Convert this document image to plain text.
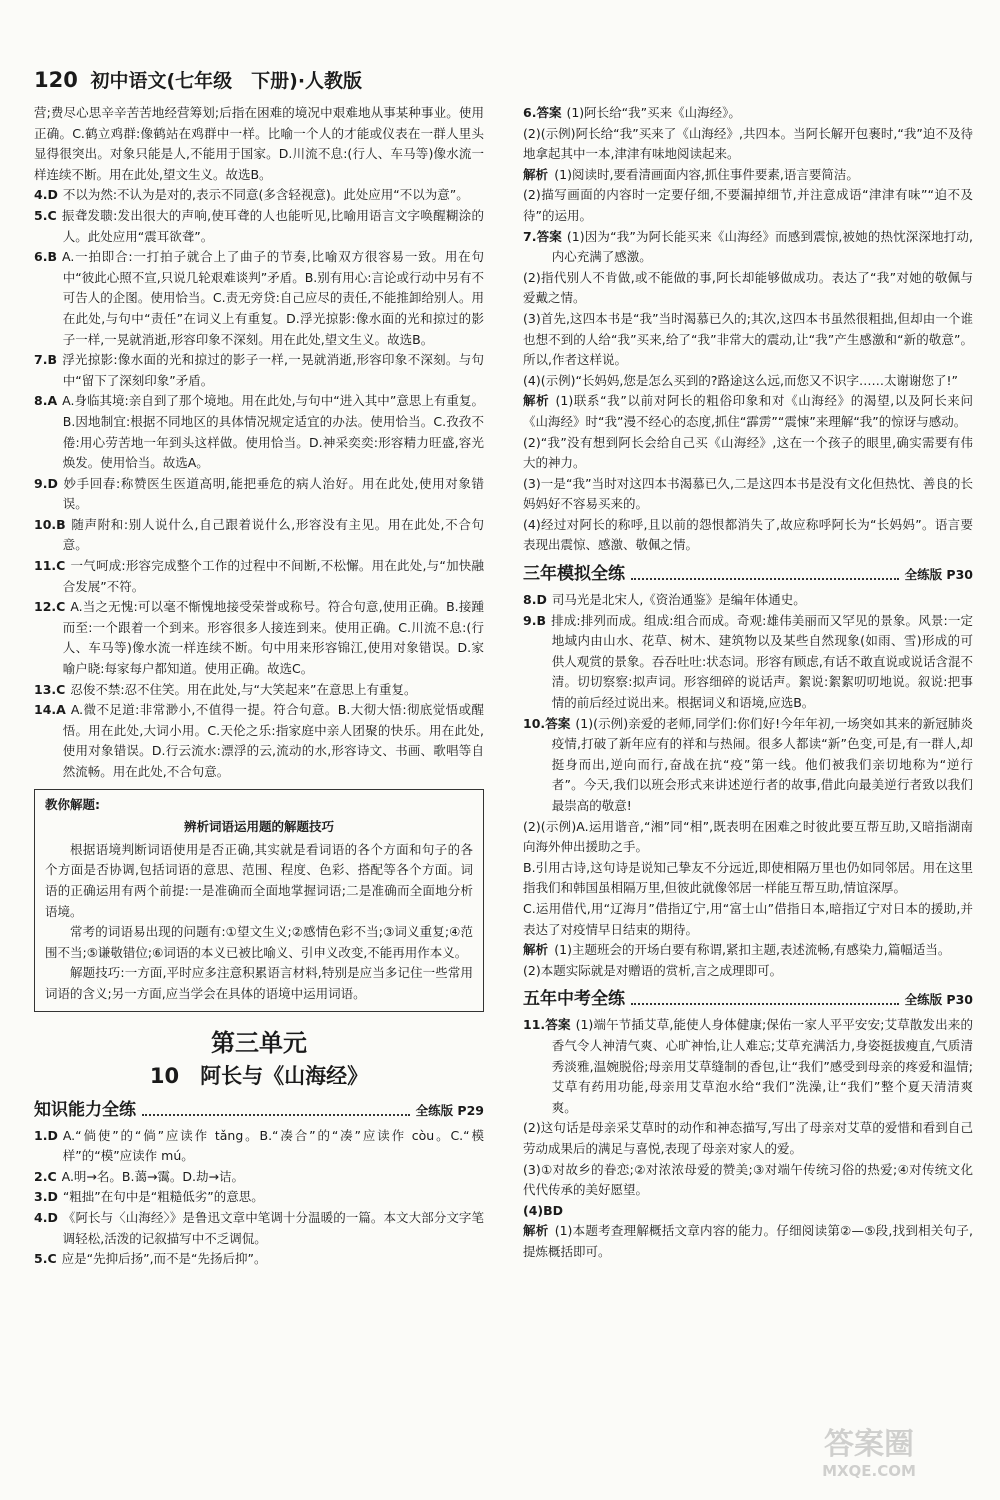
120 初中语文(七年级　下册)·人教版

营;费尽心思辛辛苦苦地经营筹划;后指在困难的境况中艰难地从事某种事业。使用正确。C.鹤立鸡群:像鹤站在鸡群中一样。比喻一个人的才能或仪表在一群人里头显得很突出。对象只能是人,不能用于国家。D.川流不息:(行人、车马等)像水流一样连续不断。用在此处,望文生义。故选B。

4.D 不以为然:不认为是对的,表示不同意(多含轻视意)。此处应用“不以为意”。

5.C 振聋发聩:发出很大的声响,使耳聋的人也能听见,比喻用语言文字唤醒糊涂的人。此处应用“震耳欲聋”。

6.B A.一拍即合:一打拍子就合上了曲子的节奏,比喻双方很容易一致。用在句中“彼此心照不宣,只说几轮艰难谈判”矛盾。B.别有用心:言论或行动中另有不可告人的企图。使用恰当。C.责无旁贷:自己应尽的责任,不能推卸给别人。用在此处,与句中“责任”在词义上有重复。D.浮光掠影:像水面的光和掠过的影子一样,一晃就消逝,形容印象不深刻。用在此处,望文生义。故选B。

7.B 浮光掠影:像水面的光和掠过的影子一样,一晃就消逝,形容印象不深刻。与句中“留下了深刻印象”矛盾。

8.A A.身临其境:亲自到了那个境地。用在此处,与句中“进入其中”意思上有重复。B.因地制宜:根据不同地区的具体情况规定适宜的办法。使用恰当。C.孜孜不倦:用心劳苦地一年到头这样做。使用恰当。D.神采奕奕:形容精力旺盛,容光焕发。使用恰当。故选A。

9.D 妙手回春:称赞医生医道高明,能把垂危的病人治好。用在此处,使用对象错误。

10.B 随声附和:别人说什么,自己跟着说什么,形容没有主见。用在此处,不合句意。

11.C 一气呵成:形容完成整个工作的过程中不间断,不松懈。用在此处,与“加快融合发展”不符。

12.C A.当之无愧:可以毫不惭愧地接受荣誉或称号。符合句意,使用正确。B.接踵而至:一个跟着一个到来。形容很多人接连到来。使用正确。C.川流不息:(行人、车马等)像水流一样连续不断。句中用来形容锦江,使用对象错误。D.家喻户晓:每家每户都知道。使用正确。故选C。

13.C 忍俊不禁:忍不住笑。用在此处,与“大笑起来”在意思上有重复。

14.A A.微不足道:非常渺小,不值得一提。符合句意。B.大彻大悟:彻底觉悟或醒悟。用在此处,大词小用。C.天伦之乐:指家庭中亲人团聚的快乐。用在此处,使用对象错误。D.行云流水:漂浮的云,流动的水,形容诗文、书画、歌唱等自然流畅。用在此处,不合句意。

教你解题:
辨析词语运用题的解题技巧

根据语境判断词语使用是否正确,其实就是看词语的各个方面和句子的各个方面是否协调,包括词语的意思、范围、程度、色彩、搭配等各个方面。词语的正确运用有两个前提:一是准确而全面地掌握词语;二是准确而全面地分析语境。

常考的词语易出现的问题有:①望文生义;②感情色彩不当;③词义重复;④范围不当;⑤谦敬错位;⑥词语的本义已被比喻义、引申义改变,不能再用作本义。

解题技巧:一方面,平时应多注意积累语言材料,特别是应当多记住一些常用词语的含义;另一方面,应当学会在具体的语境中运用词语。

第三单元
10　阿长与《山海经》
知识能力全练	全练版 P29

1.D A.“倘使”的“倘”应读作 tǎng。B.“凑合”的“凑”应读作 còu。C.“模样”的“模”应读作 mú。

2.C A.明→名。B.蔼→霭。D.劫→诘。

3.D “粗拙”在句中是“粗糙低劣”的意思。

4.D 《阿长与〈山海经〉》是鲁迅文章中笔调十分温暖的一篇。本文大部分文字笔调轻松,活泼的记叙描写中不乏调侃。

5.C 应是“先抑后扬”,而不是“先扬后抑”。

6.答案 (1)阿长给“我”买来《山海经》。

(2)(示例)阿长给“我”买来了《山海经》,共四本。当阿长解开包裹时,“我”迫不及待地拿起其中一本,津津有味地阅读起来。

解析 (1)阅读时,要看清画面内容,抓住事件要素,语言要简洁。

(2)描写画面的内容时一定要仔细,不要漏掉细节,并注意成语“津津有味”“迫不及待”的运用。

7.答案 (1)因为“我”为阿长能买来《山海经》而感到震惊,被她的热忱深深地打动,内心充满了感激。

(2)指代别人不肯做,或不能做的事,阿长却能够做成功。表达了“我”对她的敬佩与爱戴之情。

(3)首先,这四本书是“我”当时渴慕已久的;其次,这四本书虽然很粗拙,但却由一个谁也想不到的人给“我”买来,给了“我”非常大的震动,让“我”产生感激和“新的敬意”。所以,作者这样说。

(4)(示例)“长妈妈,您是怎么买到的?路途这么远,而您又不识字……太谢谢您了!”

解析 (1)联系“我”以前对阿长的粗俗印象和对《山海经》的渴望,以及阿长来问《山海经》时“我”漫不经心的态度,抓住“霹雳”“震悚”来理解“我”的惊讶与感动。

(2)“我”没有想到阿长会给自己买《山海经》,这在一个孩子的眼里,确实需要有伟大的神力。

(3)一是“我”当时对这四本书渴慕已久,二是这四本书是没有文化但热忱、善良的长妈妈好不容易买来的。

(4)经过对阿长的称呼,且以前的怨恨都消失了,故应称呼阿长为“长妈妈”。语言要表现出震惊、感激、敬佩之情。

三年模拟全练	全练版 P30

8.D 司马光是北宋人,《资治通鉴》是编年体通史。

9.B 排成:排列而成。组成:组合而成。奇观:雄伟美丽而又罕见的景象。风景:一定地域内由山水、花草、树木、建筑物以及某些自然现象(如雨、雪)形成的可供人观赏的景象。吞吞吐吐:状态词。形容有顾虑,有话不敢直说或说话含混不清。切切察察:拟声词。形容细碎的说话声。絮说:絮絮叨叨地说。叙说:把事情的前后经过说出来。根据词义和语境,应选B。

10.答案 (1)(示例)亲爱的老师,同学们:你们好!今年年初,一场突如其来的新冠肺炎疫情,打破了新年应有的祥和与热闹。很多人都读“新”色变,可是,有一群人,却挺身而出,逆向而行,奋战在抗“疫”第一线。他们被我们亲切地称为“逆行者”。今天,我们以班会形式来讲述逆行者的故事,借此向最美逆行者致以我们最崇高的敬意!

(2)(示例)A.运用谐音,“湘”同“相”,既表明在困难之时彼此要互帮互助,又暗指湖南向海外伸出援助之手。

B.引用古诗,这句诗是说知己挚友不分远近,即使相隔万里也仍如同邻居。用在这里指我们和韩国虽相隔万里,但彼此就像邻居一样能互帮互助,情谊深厚。

C.运用借代,用“辽海月”借指辽宁,用“富士山”借指日本,暗指辽宁对日本的援助,并表达了对疫情早日结束的期待。

解析 (1)主题班会的开场白要有称谓,紧扣主题,表述流畅,有感染力,篇幅适当。

(2)本题实际就是对赠语的赏析,言之成理即可。

五年中考全练	全练版 P30

11.答案 (1)端午节插艾草,能使人身体健康;保佑一家人平平安安;艾草散发出来的香气令人神清气爽、心旷神怡,让人难忘;艾草充满活力,身姿挺拔瘦直,气质清秀淡雅,温婉脱俗;母亲用艾草缝制的香包,让“我们”感受到母亲的疼爱和温情;艾草有药用功能,母亲用艾草泡水给“我们”洗澡,让“我们”整个夏天清清爽爽。

(2)这句话是母亲采艾草时的动作和神态描写,写出了母亲对艾草的爱惜和看到自己劳动成果后的满足与喜悦,表现了母亲对家人的爱。

(3)①对故乡的眷恋;②对浓浓母爱的赞美;③对端午传统习俗的热爱;④对传统文化代代传承的美好愿望。

(4)BD

解析 (1)本题考查理解概括文章内容的能力。仔细阅读第②—⑤段,找到相关句子,提炼概括即可。

答案圈
MXQE.COM
